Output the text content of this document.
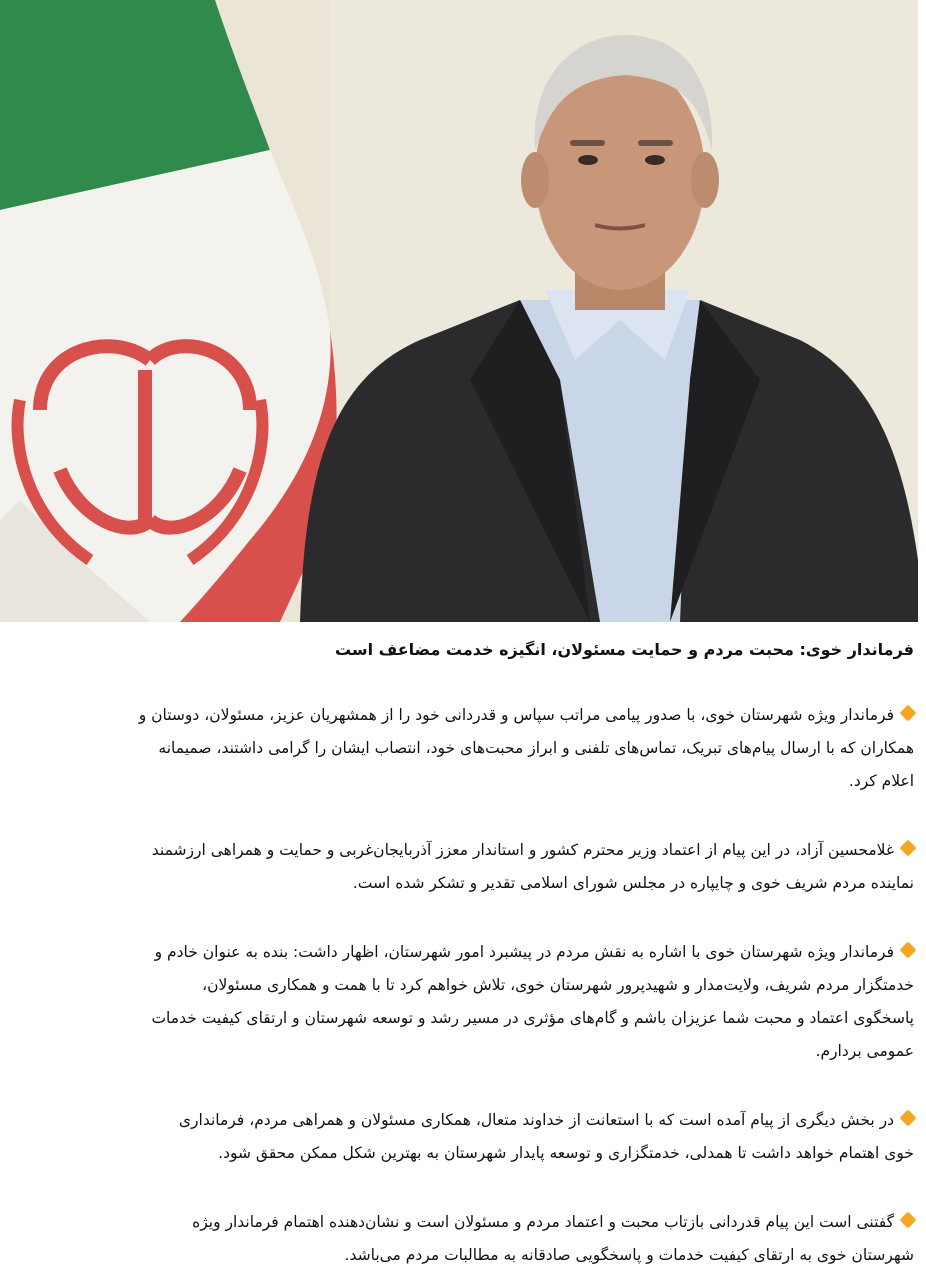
فرماندار خوی: محبت مردم و حمایت مسئولان، انگیزه خدمت مضاعف است

فرماندار ویژه شهرستان خوی، با صدور پیامی مراتب سپاس و قدردانی خود را از همشهریان عزیز، مسئولان، دوستان و
همکاران که با ارسال پیام‌های تبریک، تماس‌های تلفنی و ابراز محبت‌های خود، انتصاب ایشان را گرامی داشتند، صمیمانه
اعلام کرد.

غلامحسین آزاد، در این پیام از اعتماد وزیر محترم کشور و استاندار معزز آذربایجان‌غربی و حمایت و همراهی ارزشمند
نماینده مردم شریف خوی و چایپاره در مجلس شورای اسلامی تقدیر و تشکر شده است.

فرماندار ویژه شهرستان خوی با اشاره به نقش مردم در پیشبرد امور شهرستان، اظهار داشت: بنده به عنوان خادم و
خدمتگزار مردم شریف، ولایت‌مدار و شهیدپرور شهرستان خوی، تلاش خواهم کرد تا با همت و همکاری مسئولان،
پاسخگوی اعتماد و محبت شما عزیزان باشم و گام‌های مؤثری در مسیر رشد و توسعه شهرستان و ارتقای کیفیت خدمات
عمومی بردارم.

در بخش دیگری از پیام آمده است که با استعانت از خداوند متعال، همکاری مسئولان و همراهی مردم، فرمانداری
خوی اهتمام خواهد داشت تا همدلی، خدمتگزاری و توسعه پایدار شهرستان به بهترین شکل ممکن محقق شود.

گفتنی است این پیام قدردانی بازتاب محبت و اعتماد مردم و مسئولان است و نشان‌دهنده اهتمام فرماندار ویژه
شهرستان خوی به ارتقای کیفیت خدمات و پاسخگویی صادقانه به مطالبات مردم می‌باشد.
